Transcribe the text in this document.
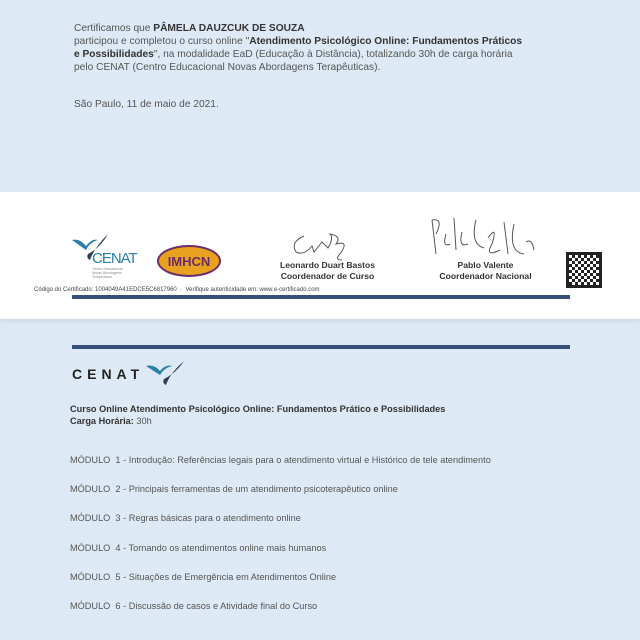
Certificamos que PÂMELA DAUZCUK DE SOUZA
participou e completou o curso online "Atendimento Psicológico Online: Fundamentos Práticos
e Possibilidades", na modalidade EaD (Educação à Distância), totalizando 30h de carga horária
pelo CENAT (Centro Educacional Novas Abordagens Terapêuticas).
São Paulo, 11 de maio de 2021.
CENAT
Centro Educacional Novas Abordagens Terapêuticas
IMHCN	Leonardo Duart Bastos
Coordenador de Curso
Pablo Valente
Coordenador Nacional
Código do Certificado: 1004049A41EDCE5C6817960 · Verifique autenticidade em: www.e-certificado.com
CENAT
Curso Online Atendimento Psicológico Online: Fundamentos Prático e Possibilidades
Carga Horária: 30h

MÓDULO  1 - Introdução: Referências legais para o atendimento virtual e Histórico de tele atendimento

MÓDULO  2 - Principais ferramentas de um atendimento psicoterapêutico online

MÓDULO  3 - Regras básicas para o atendimento online

MÓDULO  4 - Tornando os atendimentos online mais humanos

MÓDULO  5 - Situações de Emergência em Atendimentos Online

MÓDULO  6 - Discussão de casos e Atividade final do Curso
